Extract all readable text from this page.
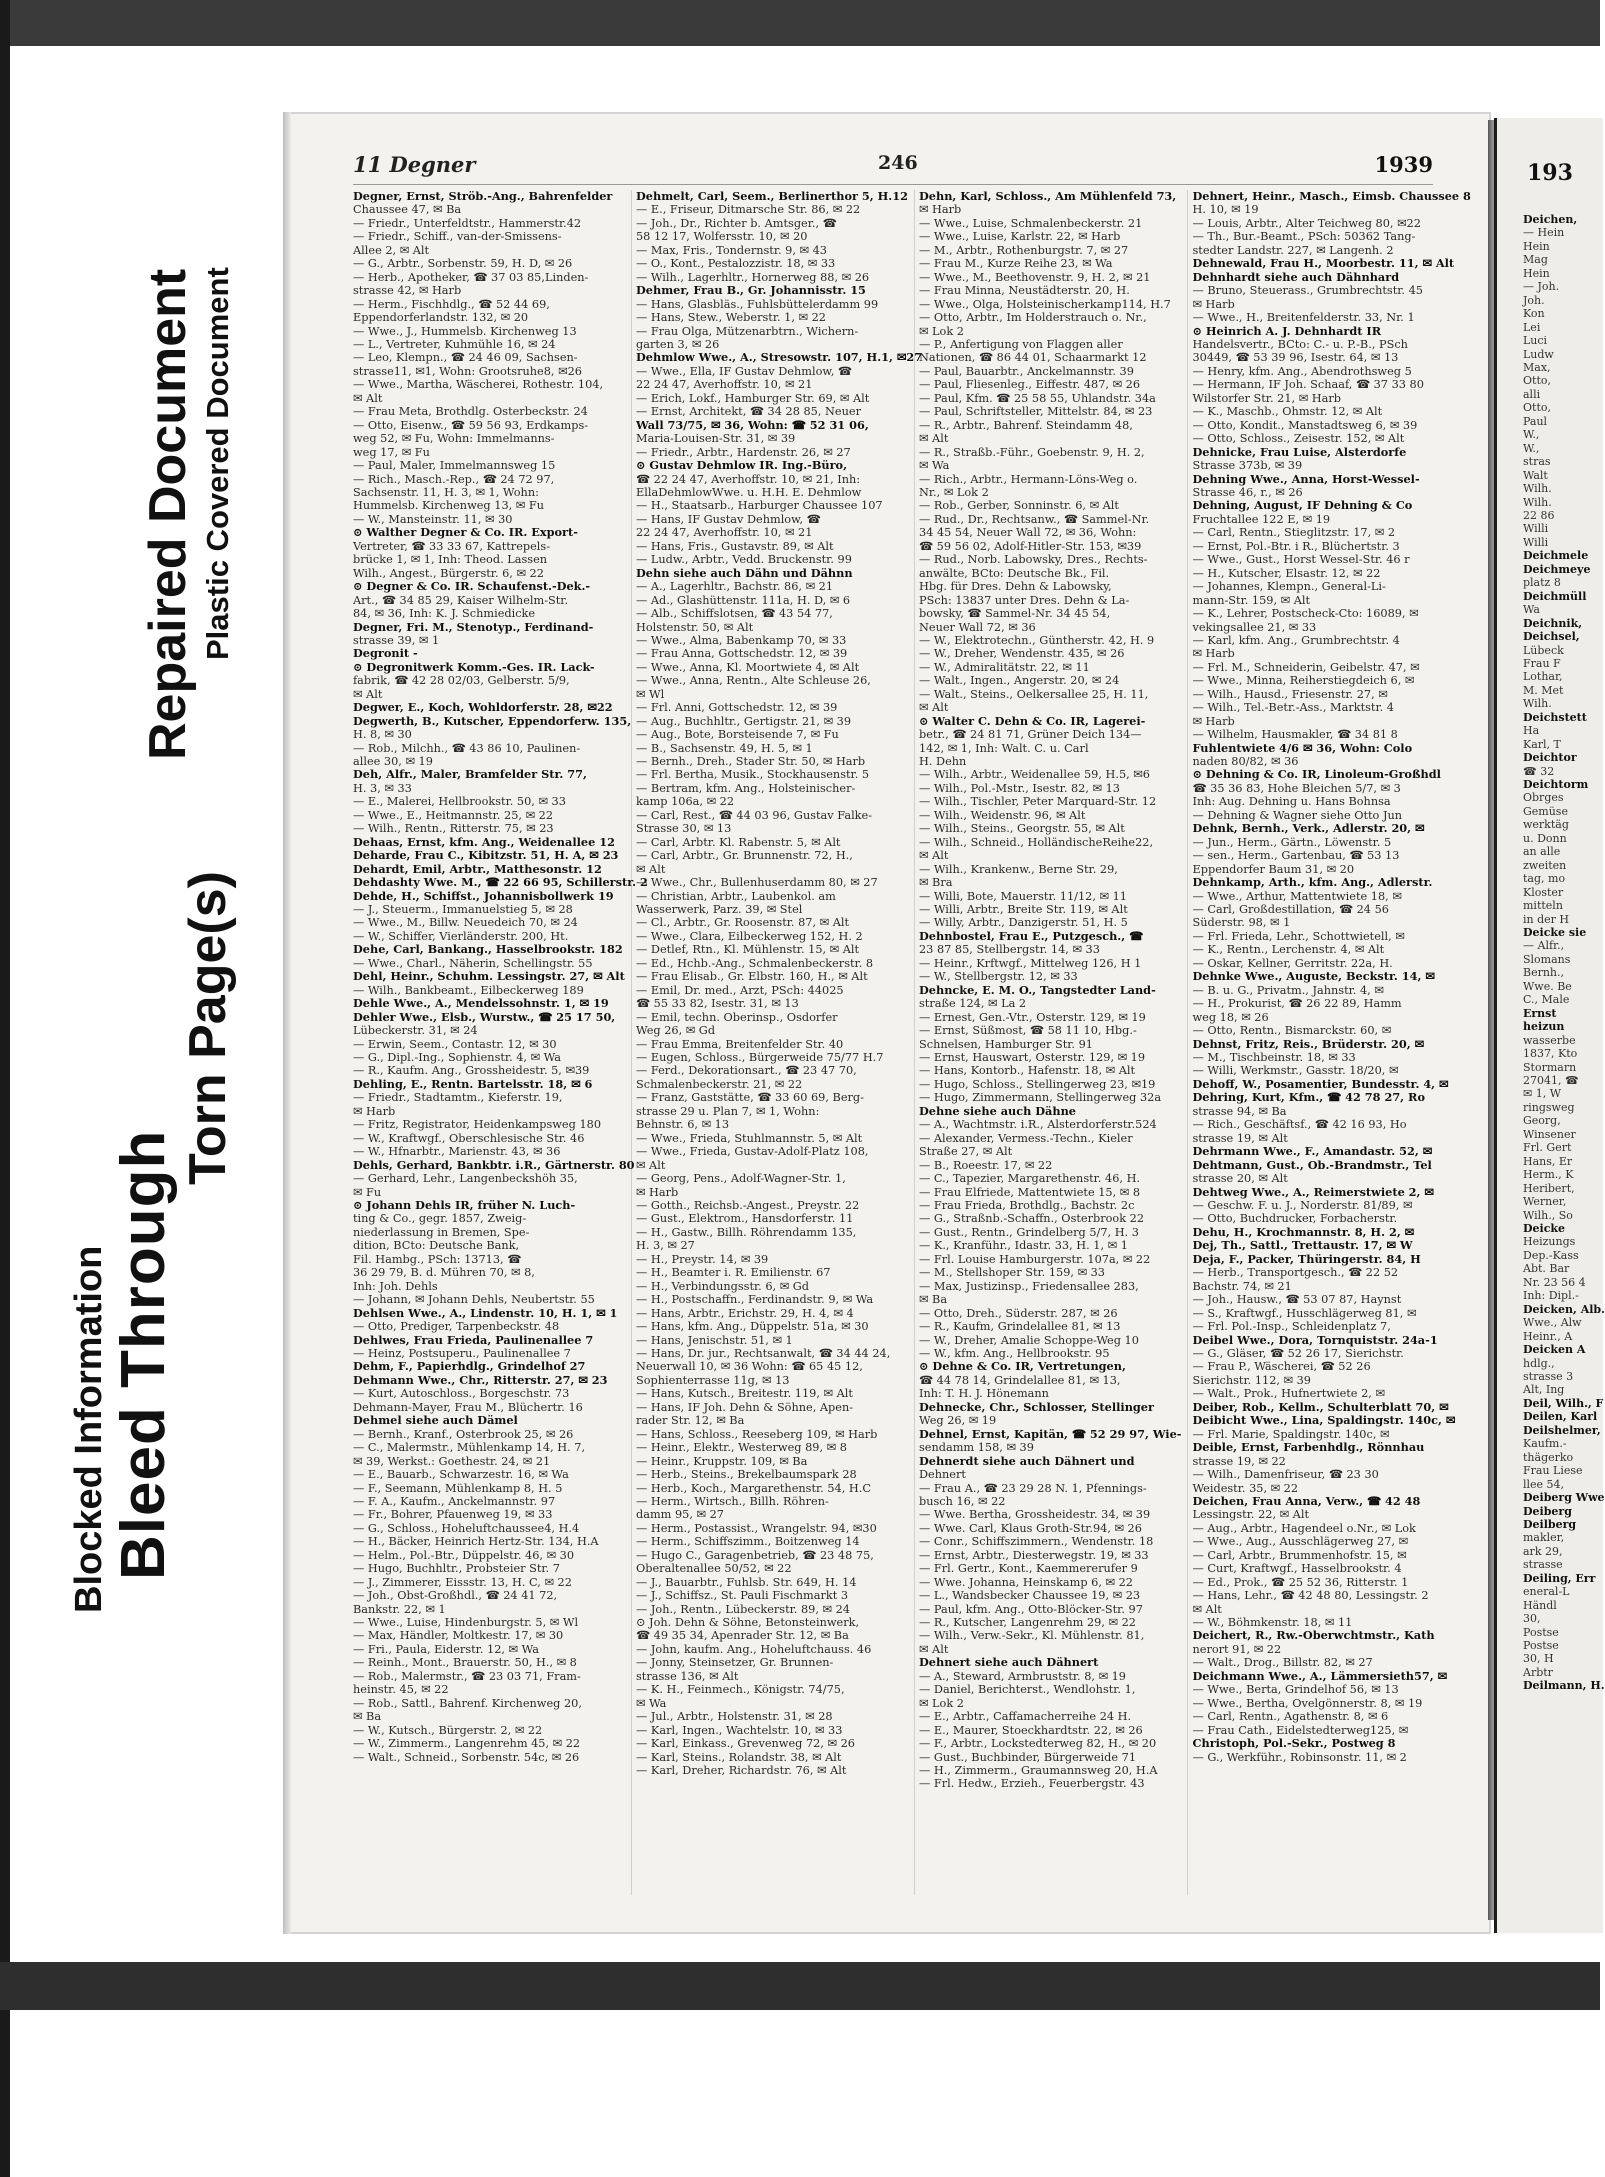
Blocked Information Bleed Through
Torn Page(s)
Repaired Document Plastic Covered Document
11 Degner	246	1939
Degner, Ernst, Ströb.-Ang., Bahrenfelder
Chaussee 47, ✉ Ba
— Friedr., Unterfeldtstr., Hammerstr.42
— Friedr., Schiff., van-der-Smissens-
Allee 2, ✉ Alt
— G., Arbtr., Sorbenstr. 59, H. D, ✉ 26
— Herb., Apotheker, ☎ 37 03 85,Linden-
strasse 42, ✉ Harb
— Herm., Fischhdlg., ☎ 52 44 69,
Eppendorferlandstr. 132, ✉ 20
— Wwe., J., Hummelsb. Kirchenweg 13
— L., Vertreter, Kuhmühle 16, ✉ 24
— Leo, Klempn., ☎ 24 46 09, Sachsen-
strasse11, ✉1, Wohn: Grootsruhe8, ✉26
— Wwe., Martha, Wäscherei, Rothestr. 104,
✉ Alt
— Frau Meta, Brothdlg. Osterbeckstr. 24
— Otto, Eisenw., ☎ 59 56 93, Erdkamps-
weg 52, ✉ Fu, Wohn: Immelmanns-
weg 17, ✉ Fu
— Paul, Maler, Immelmannsweg 15
— Rich., Masch.-Rep., ☎ 24 72 97,
Sachsenstr. 11, H. 3, ✉ 1, Wohn:
Hummelsb. Kirchenweg 13, ✉ Fu
— W., Mansteinstr. 11, ✉ 30
⊙ Walther Degner & Co. IR. Export-
Vertreter, ☎ 33 33 67, Kattrepels-
brücke 1, ✉ 1, Inh: Theod. Lassen
Wilh., Angest., Bürgerstr. 6, ✉ 22
⊙ Degner & Co. IR. Schaufenst.-Dek.-
Art., ☎ 34 85 29, Kaiser Wilhelm-Str.
84, ✉ 36, Inh: K. J. Schmiedicke
Degner, Fri. M., Stenotyp., Ferdinand-
strasse 39, ✉ 1
Degronit -
⊙ Degronitwerk Komm.-Ges. IR. Lack-
fabrik, ☎ 42 28 02/03, Gelberstr. 5/9,
✉ Alt
Degwer, E., Koch, Wohldorferstr. 28, ✉22
Degwerth, B., Kutscher, Eppendorferw. 135,
H. 8, ✉ 30
— Rob., Milchh., ☎ 43 86 10, Paulinen-
allee 30, ✉ 19
Deh, Alfr., Maler, Bramfelder Str. 77,
H. 3, ✉ 33
— E., Malerei, Hellbrookstr. 50, ✉ 33
— Wwe., E., Heitmannstr. 25, ✉ 22
— Wilh., Rentn., Ritterstr. 75, ✉ 23
Dehaas, Ernst, kfm. Ang., Weidenallee 12
Deharde, Frau C., Kibitzstr. 51, H. A, ✉ 23
Dehardt, Emil, Arbtr., Matthesonstr. 12
Dehdashty Wwe. M., ☎ 22 66 95, Schillerstr. 2
Dehde, H., Schiffst., Johannisbollwerk 19
— J., Steuerm., Immanuelstieg 5, ✉ 28
— Wwe., M., Billw. Neuedeich 70, ✉ 24
— W., Schiffer, Vierländerstr. 200, Ht.
Dehe, Carl, Bankang., Hasselbrookstr. 182
— Wwe., Charl., Näherin, Schellingstr. 55
Dehl, Heinr., Schuhm. Lessingstr. 27, ✉ Alt
— Wilh., Bankbeamt., Eilbeckerweg 189
Dehle Wwe., A., Mendelssohnstr. 1, ✉ 19
Dehler Wwe., Elsb., Wurstw., ☎ 25 17 50,
Lübeckerstr. 31, ✉ 24
— Erwin, Seem., Contastr. 12, ✉ 30
— G., Dipl.-Ing., Sophienstr. 4, ✉ Wa
— R., Kaufm. Ang., Grossheidestr. 5, ✉39
Dehling, E., Rentn. Bartelsstr. 18, ✉ 6
— Friedr., Stadtamtm., Kieferstr. 19,
✉ Harb
— Fritz, Registrator, Heidenkampsweg 180
— W., Kraftwgf., Oberschlesische Str. 46
— W., Hfnarbtr., Marienstr. 43, ✉ 36
Dehls, Gerhard, Bankbtr. i.R., Gärtnerstr. 80
— Gerhard, Lehr., Langenbeckshöh 35,
✉ Fu
⊙ Johann Dehls IR, früher N. Luch-
ting & Co., gegr. 1857, Zweig-
niederlassung in Bremen, Spe-
dition, BCto: Deutsche Bank,
Fil. Hambg., PSch: 13713, ☎
36 29 79, B. d. Mühren 70, ✉ 8,
Inh: Joh. Dehls
— Johann, ✉ Johann Dehls, Neubertstr. 55
Dehlsen Wwe., A., Lindenstr. 10, H. 1, ✉ 1
— Otto, Prediger, Tarpenbeckstr. 48
Dehlwes, Frau Frieda, Paulinenallee 7
— Heinz, Postsuperu., Paulinenallee 7
Dehm, F., Papierhdlg., Grindelhof 27
Dehmann Wwe., Chr., Ritterstr. 27, ✉ 23
— Kurt, Autoschloss., Borgeschstr. 73
Dehmann-Mayer, Frau M., Blüchertr. 16
Dehmel siehe auch Dämel
— Bernh., Kranf., Osterbrook 25, ✉ 26
— C., Malermstr., Mühlenkamp 14, H. 7,
✉ 39, Werkst.: Goethestr. 24, ✉ 21
— E., Bauarb., Schwarzestr. 16, ✉ Wa
— F., Seemann, Mühlenkamp 8, H. 5
— F. A., Kaufm., Anckelmannstr. 97
— Fr., Bohrer, Pfauenweg 19, ✉ 33
— G., Schloss., Hoheluftchaussee4, H.4
— H., Bäcker, Heinrich Hertz-Str. 134, H.A
— Helm., Pol.-Btr., Düppelstr. 46, ✉ 30
— Hugo, Buchhltr., Probsteier Str. 7
— J., Zimmerer, Eissstr. 13, H. C, ✉ 22
— Joh., Obst-Großhdl., ☎ 24 41 72,
Bankstr. 22, ✉ 1
— Wwe., Luise, Hindenburgstr. 5, ✉ Wl
— Max, Händler, Moltkestr. 17, ✉ 30
— Fri., Paula, Eiderstr. 12, ✉ Wa
— Reinh., Mont., Brauerstr. 50, H., ✉ 8
— Rob., Malermstr., ☎ 23 03 71, Fram-
heinstr. 45, ✉ 22
— Rob., Sattl., Bahrenf. Kirchenweg 20,
✉ Ba
— W., Kutsch., Bürgerstr. 2, ✉ 22
— W., Zimmerm., Langenrehm 45, ✉ 22
— Walt., Schneid., Sorbenstr. 54c, ✉ 26
Dehmelt, Carl, Seem., Berlinerthor 5, H.12
— E., Friseur, Ditmarsche Str. 86, ✉ 22
— Joh., Dr., Richter b. Amtsger., ☎
58 12 17, Wolfersstr. 10, ✉ 20
— Max, Fris., Tondernstr. 9, ✉ 43
— O., Kont., Pestalozzistr. 18, ✉ 33
— Wilh., Lagerhltr., Hornerweg 88, ✉ 26
Dehmer, Frau B., Gr. Johannisstr. 15
— Hans, Glasbläs., Fuhlsbüttelerdamm 99
— Hans, Stew., Weberstr. 1, ✉ 22
— Frau Olga, Mützenarbtrn., Wichern-
garten 3, ✉ 26
Dehmlow Wwe., A., Stresowstr. 107, H.1, ✉27
— Wwe., Ella, IF Gustav Dehmlow, ☎
22 24 47, Averhoffstr. 10, ✉ 21
— Erich, Lokf., Hamburger Str. 69, ✉ Alt
— Ernst, Architekt, ☎ 34 28 85, Neuer
Wall 73/75, ✉ 36, Wohn: ☎ 52 31 06,
Maria-Louisen-Str. 31, ✉ 39
— Friedr., Arbtr., Hardenstr. 26, ✉ 27
⊙ Gustav Dehmlow IR. Ing.-Büro,
☎ 22 24 47, Averhoffstr. 10, ✉ 21, Inh:
EllaDehmlowWwe. u. H.H. E. Dehmlow
— H., Staatsarb., Harburger Chaussee 107
— Hans, IF Gustav Dehmlow, ☎
22 24 47, Averhoffstr. 10, ✉ 21
— Hans, Fris., Gustavstr. 89, ✉ Alt
— Ludw., Arbtr., Vedd. Bruckenstr. 99
Dehn siehe auch Dähn und Dähnn
— A., Lagerhltr., Bachstr. 86, ✉ 21
— Ad., Glashüttenstr. 111a, H. D, ✉ 6
— Alb., Schiffslotsen, ☎ 43 54 77,
Holstenstr. 50, ✉ Alt
— Wwe., Alma, Babenkamp 70, ✉ 33
— Frau Anna, Gottschedstr. 12, ✉ 39
— Wwe., Anna, Kl. Moortwiete 4, ✉ Alt
— Wwe., Anna, Rentn., Alte Schleuse 26,
✉ Wl
— Frl. Anni, Gottschedstr. 12, ✉ 39
— Aug., Buchhltr., Gertigstr. 21, ✉ 39
— Aug., Bote, Borsteisende 7, ✉ Fu
— B., Sachsenstr. 49, H. 5, ✉ 1
— Bernh., Dreh., Stader Str. 50, ✉ Harb
— Frl. Bertha, Musik., Stockhausenstr. 5
— Bertram, kfm. Ang., Holsteinischer-
kamp 106a, ✉ 22
— Carl, Rest., ☎ 44 03 96, Gustav Falke-
Strasse 30, ✉ 13
— Carl, Arbtr. Kl. Rabenstr. 5, ✉ Alt
— Carl, Arbtr., Gr. Brunnenstr. 72, H.,
✉ Alt
— Wwe., Chr., Bullenhuserdamm 80, ✉ 27
— Christian, Arbtr., Laubenkol. am
Wasserwerk, Parz. 39, ✉ Stel
— Cl., Arbtr., Gr. Roosenstr. 87, ✉ Alt
— Wwe., Clara, Eilbeckerweg 152, H. 2
— Detlef, Rtn., Kl. Mühlenstr. 15, ✉ Alt
— Ed., Hchb.-Ang., Schmalenbeckerstr. 8
— Frau Elisab., Gr. Elbstr. 160, H., ✉ Alt
— Emil, Dr. med., Arzt, PSch: 44025
☎ 55 33 82, Isestr. 31, ✉ 13
— Emil, techn. Oberinsp., Osdorfer
Weg 26, ✉ Gd
— Frau Emma, Breitenfelder Str. 40
— Eugen, Schloss., Bürgerweide 75/77 H.7
— Ferd., Dekorationsart., ☎ 23 47 70,
Schmalenbeckerstr. 21, ✉ 22
— Franz, Gaststätte, ☎ 33 60 69, Berg-
strasse 29 u. Plan 7, ✉ 1, Wohn:
Behnstr. 6, ✉ 13
— Wwe., Frieda, Stuhlmannstr. 5, ✉ Alt
— Wwe., Frieda, Gustav-Adolf-Platz 108,
✉ Alt
— Georg, Pens., Adolf-Wagner-Str. 1,
✉ Harb
— Gotth., Reichsb.-Angest., Preystr. 22
— Gust., Elektrom., Hansdorferstr. 11
— H., Gastw., Billh. Röhrendamm 135,
H. 3, ✉ 27
— H., Preystr. 14, ✉ 39
— H., Beamter i. R. Emilienstr. 67
— H., Verbindungsstr. 6, ✉ Gd
— H., Postschaffn., Ferdinandstr. 9, ✉ Wa
— Hans, Arbtr., Erichstr. 29, H. 4, ✉ 4
— Hans, kfm. Ang., Düppelstr. 51a, ✉ 30
— Hans, Jenischstr. 51, ✉ 1
— Hans, Dr. jur., Rechtsanwalt, ☎ 34 44 24,
Neuerwall 10, ✉ 36 Wohn: ☎ 65 45 12,
Sophienterrasse 11g, ✉ 13
— Hans, Kutsch., Breitestr. 119, ✉ Alt
— Hans, IF Joh. Dehn & Söhne, Apen-
rader Str. 12, ✉ Ba
— Hans, Schloss., Reeseberg 109, ✉ Harb
— Heinr., Elektr., Westerweg 89, ✉ 8
— Heinr., Kruppstr. 109, ✉ Ba
— Herb., Steins., Brekelbaumspark 28
— Herb., Koch., Margarethenstr. 54, H.C
— Herm., Wirtsch., Billh. Röhren-
damm 95, ✉ 27
— Herm., Postassist., Wrangelstr. 94, ✉30
— Herm., Schiffszimm., Boitzenweg 14
— Hugo C., Garagenbetrieb, ☎ 23 48 75,
Oberaltenallee 50/52, ✉ 22
— J., Bauarbtr., Fuhlsb. Str. 649, H. 14
— J., Schiffsz., St. Pauli Fischmarkt 3
— Joh., Rentn., Lübeckerstr. 89, ✉ 24
⊙ Joh. Dehn & Söhne, Betonsteinwerk,
☎ 49 35 34, Apenrader Str. 12, ✉ Ba
— John, kaufm. Ang., Hoheluftchauss. 46
— Jonny, Steinsetzer, Gr. Brunnen-
strasse 136, ✉ Alt
— K. H., Feinmech., Königstr. 74/75,
✉ Wa
— Jul., Arbtr., Holstenstr. 31, ✉ 28
— Karl, Ingen., Wachtelstr. 10, ✉ 33
— Karl, Einkass., Grevenweg 72, ✉ 26
— Karl, Steins., Rolandstr. 38, ✉ Alt
— Karl, Dreher, Richardstr. 76, ✉ Alt
Dehn, Karl, Schloss., Am Mühlenfeld 73,
✉ Harb
— Wwe., Luise, Schmalenbeckerstr. 21
— Wwe., Luise, Karlstr. 22, ✉ Harb
— M., Arbtr., Rothenburgstr. 7, ✉ 27
— Frau M., Kurze Reihe 23, ✉ Wa
— Wwe., M., Beethovenstr. 9, H. 2, ✉ 21
— Frau Minna, Neustädterstr. 20, H.
— Wwe., Olga, Holsteinischerkamp114, H.7
— Otto, Arbtr., Im Holderstrauch o. Nr.,
✉ Lok 2
— P., Anfertigung von Flaggen aller
Nationen, ☎ 86 44 01, Schaarmarkt 12
— Paul, Bauarbtr., Anckelmannstr. 39
— Paul, Fliesenleg., Eiffestr. 487, ✉ 26
— Paul, Kfm. ☎ 25 58 55, Uhlandstr. 34a
— Paul, Schriftsteller, Mittelstr. 84, ✉ 23
— R., Arbtr., Bahrenf. Steindamm 48,
✉ Alt
— R., Straßb.-Führ., Goebenstr. 9, H. 2,
✉ Wa
— Rich., Arbtr., Hermann-Löns-Weg o.
Nr., ✉ Lok 2
— Rob., Gerber, Sonninstr. 6, ✉ Alt
— Rud., Dr., Rechtsanw., ☎ Sammel-Nr.
34 45 54, Neuer Wall 72, ✉ 36, Wohn:
☎ 59 56 02, Adolf-Hitler-Str. 153, ✉39
— Rud., Norb. Labowsky, Dres., Rechts-
anwälte, BCto: Deutsche Bk., Fil.
Hbg. für Dres. Dehn & Labowsky,
PSch: 13837 unter Dres. Dehn & La-
bowsky, ☎ Sammel-Nr. 34 45 54,
Neuer Wall 72, ✉ 36
— W., Elektrotechn., Güntherstr. 42, H. 9
— W., Dreher, Wendenstr. 435, ✉ 26
— W., Admiralitätstr. 22, ✉ 11
— Walt., Ingen., Angerstr. 20, ✉ 24
— Walt., Steins., Oelkersallee 25, H. 11,
✉ Alt
⊙ Walter C. Dehn & Co. IR, Lagerei-
betr., ☎ 24 81 71, Grüner Deich 134—
142, ✉ 1, Inh: Walt. C. u. Carl
H. Dehn
— Wilh., Arbtr., Weidenallee 59, H.5, ✉6
— Wilh., Pol.-Mstr., Isestr. 82, ✉ 13
— Wilh., Tischler, Peter Marquard-Str. 12
— Wilh., Weidenstr. 96, ✉ Alt
— Wilh., Steins., Georgstr. 55, ✉ Alt
— Wilh., Schneid., HolländischeReihe22,
✉ Alt
— Wilh., Krankenw., Berne Str. 29,
✉ Bra
— Willi, Bote, Mauerstr. 11/12, ✉ 11
— Willi, Arbtr., Breite Str. 119, ✉ Alt
— Willy, Arbtr., Danzigerstr. 51, H. 5
Dehnbostel, Frau E., Putzgesch., ☎
23 87 85, Stellbergstr. 14, ✉ 33
— Heinr., Krftwgf., Mittelweg 126, H 1
— W., Stellbergstr. 12, ✉ 33
Dehncke, E. M. O., Tangstedter Land-
straße 124, ✉ La 2
— Ernest, Gen.-Vtr., Osterstr. 129, ✉ 19
— Ernst, Süßmost, ☎ 58 11 10, Hbg.-
Schnelsen, Hamburger Str. 91
— Ernst, Hauswart, Osterstr. 129, ✉ 19
— Hans, Kontorb., Hafenstr. 18, ✉ Alt
— Hugo, Schloss., Stellingerweg 23, ✉19
— Hugo, Zimmermann, Stellingerweg 32a
Dehne siehe auch Dähne
— A., Wachtmstr. i.R., Alsterdorferstr.524
— Alexander, Vermess.-Techn., Kieler
Straße 27, ✉ Alt
— B., Roeestr. 17, ✉ 22
— C., Tapezier, Margarethenstr. 46, H.
— Frau Elfriede, Mattentwiete 15, ✉ 8
— Frau Frieda, Brothdlg., Bachstr. 2c
— G., Straßnb.-Schaffn., Osterbrook 22
— Gust., Rentn., Grindelberg 5/7, H. 3
— K., Kranführ., Idastr. 33, H. 1, ✉ 1
— Frl. Louise Hamburgerstr. 107a, ✉ 22
— M., Stellshoper Str. 159, ✉ 33
— Max, Justizinsp., Friedensallee 283,
✉ Ba
— Otto, Dreh., Süderstr. 287, ✉ 26
— R., Kaufm, Grindelallee 81, ✉ 13
— W., Dreher, Amalie Schoppe-Weg 10
— W., kfm. Ang., Hellbrookstr. 95
⊙ Dehne & Co. IR, Vertretungen,
☎ 44 78 14, Grindelallee 81, ✉ 13,
Inh: T. H. J. Hönemann
Dehnecke, Chr., Schlosser, Stellinger
Weg 26, ✉ 19
Dehnel, Ernst, Kapitän, ☎ 52 29 97, Wie-
sendamm 158, ✉ 39
Dehnerdt siehe auch Dähnert und
Dehnert
— Frau A., ☎ 23 29 28 N. 1, Pfennings-
busch 16, ✉ 22
— Wwe. Bertha, Grossheidestr. 34, ✉ 39
— Wwe. Carl, Klaus Groth-Str.94, ✉ 26
— Conr., Schiffszimmern., Wendenstr. 18
— Ernst, Arbtr., Diesterwegstr. 19, ✉ 33
— Frl. Gertr., Kont., Kaemmererufer 9
— Wwe. Johanna, Heinskamp 6, ✉ 22
— L., Wandsbecker Chaussee 19, ✉ 23
— Paul, kfm. Ang., Otto-Blöcker-Str. 97
— R., Kutscher, Langenrehm 29, ✉ 22
— Wilh., Verw.-Sekr., Kl. Mühlenstr. 81,
✉ Alt
Dehnert siehe auch Dähnert
— A., Steward, Armbruststr. 8, ✉ 19
— Daniel, Berichterst., Wendlohstr. 1,
✉ Lok 2
— E., Arbtr., Caffamacherreihe 24 H.
— E., Maurer, Stoeckhardtstr. 22, ✉ 26
— F., Arbtr., Lockstedterweg 82, H., ✉ 20
— Gust., Buchbinder, Bürgerweide 71
— H., Zimmerm., Graumannsweg 20, H.A
— Frl. Hedw., Erzieh., Feuerbergstr. 43
Dehnert, Heinr., Masch., Eimsb. Chaussee 8
H. 10, ✉ 19
— Louis, Arbtr., Alter Teichweg 80, ✉22
— Th., Bur.-Beamt., PSch: 50362 Tang-
stedter Landstr. 227, ✉ Langenh. 2
Dehnewald, Frau H., Moorbestr. 11, ✉ Alt
Dehnhardt siehe auch Dähnhard
— Bruno, Steuerass., Grumbrechtstr. 45
✉ Harb
— Wwe., H., Breitenfelderstr. 33, Nr. 1
⊙ Heinrich A. J. Dehnhardt IR
Handelsvertr., BCto: C.- u. P.-B., PSch
30449, ☎ 53 39 96, Isestr. 64, ✉ 13
— Henry, kfm. Ang., Abendrothsweg 5
— Hermann, IF Joh. Schaaf, ☎ 37 33 80
Wilstorfer Str. 21, ✉ Harb
— K., Maschb., Ohmstr. 12, ✉ Alt
— Otto, Kondit., Manstadtsweg 6, ✉ 39
— Otto, Schloss., Zeisestr. 152, ✉ Alt
Dehnicke, Frau Luise, Alsterdorfe
Strasse 373b, ✉ 39
Dehning Wwe., Anna, Horst-Wessel-
Strasse 46, r., ✉ 26
Dehning, August, IF Dehning & Co
Fruchtallee 122 E, ✉ 19
— Carl, Rentn., Stieglitzstr. 17, ✉ 2
— Ernst, Pol.-Btr. i R., Blüchertstr. 3
— Wwe., Gust., Horst Wessel-Str. 46 r
— H., Kutscher, Elsastr. 12, ✉ 22
— Johannes, Klempn., General-Li-
mann-Str. 159, ✉ Alt
— K., Lehrer, Postscheck-Cto: 16089, ✉
vekingsallee 21, ✉ 33
— Karl, kfm. Ang., Grumbrechtstr. 4
✉ Harb
— Frl. M., Schneiderin, Geibelstr. 47, ✉
— Wwe., Minna, Reiherstiegdeich 6, ✉
— Wilh., Hausd., Friesenstr. 27, ✉
— Wilh., Tel.-Betr.-Ass., Marktstr. 4
✉ Harb
— Wilhelm, Hausmakler, ☎ 34 81 8
Fuhlentwiete 4/6 ✉ 36, Wohn: Colo
naden 80/82, ✉ 36
⊙ Dehning & Co. IR, Linoleum-Großhdl
☎ 35 36 83, Hohe Bleichen 5/7, ✉ 3
Inh: Aug. Dehning u. Hans Bohnsa
— Dehning & Wagner siehe Otto Jun
Dehnk, Bernh., Verk., Adlerstr. 20, ✉
— Jun., Herm., Gärtn., Löwenstr. 5
— sen., Herm., Gartenbau, ☎ 53 13
Eppendorfer Baum 31, ✉ 20
Dehnkamp, Arth., kfm. Ang., Adlerstr.
— Wwe., Arthur, Mattentwiete 18, ✉
— Carl, Großdestillation, ☎ 24 56
Süderstr. 98, ✉ 1
— Frl. Frieda, Lehr., Schottwietell, ✉
— K., Rentn., Lerchenstr. 4, ✉ Alt
— Oskar, Kellner, Gerritstr. 22a, H.
Dehnke Wwe., Auguste, Beckstr. 14, ✉
— B. u. G., Privatm., Jahnstr. 4, ✉
— H., Prokurist, ☎ 26 22 89, Hamm
weg 18, ✉ 26
— Otto, Rentn., Bismarckstr. 60, ✉
Dehnst, Fritz, Reis., Brüderstr. 20, ✉
— M., Tischbeinstr. 18, ✉ 33
— Willi, Werkmstr., Gasstr. 18/20, ✉
Dehoff, W., Posamentier, Bundesstr. 4, ✉
Dehring, Kurt, Kfm., ☎ 42 78 27, Ro
strasse 94, ✉ Ba
— Rich., Geschäftsf., ☎ 42 16 93, Ho
strasse 19, ✉ Alt
Dehrmann Wwe., F., Amandastr. 52, ✉
Dehtmann, Gust., Ob.-Brandmstr., Tel
strasse 20, ✉ Alt
Dehtweg Wwe., A., Reimerstwiete 2, ✉
— Geschw. F. u. J., Norderstr. 81/89, ✉
— Otto, Buchdrucker, Forbacherstr.
Dehu, H., Krochmannstr. 8, H. 2, ✉
Dej, Th., Sattl., Trettaustr. 17, ✉ W
Deja, F., Packer, Thüringerstr. 84, H
— Herb., Transportgesch., ☎ 22 52
Bachstr. 74, ✉ 21
— Joh., Hausw., ☎ 53 07 87, Haynst
— S., Kraftwgf., Husschlägerweg 81, ✉
— Frl. Pol.-Insp., Schleidenplatz 7,
Deibel Wwe., Dora, Tornquiststr. 24a-1
— G., Gläser, ☎ 52 26 17, Sierichstr.
— Frau P., Wäscherei, ☎ 52 26
Sierichstr. 112, ✉ 39
— Walt., Prok., Hufnertwiete 2, ✉
Deiber, Rob., Kellm., Schulterblatt 70, ✉
Deibicht Wwe., Lina, Spaldingstr. 140c, ✉
— Frl. Marie, Spaldingstr. 140c, ✉
Deible, Ernst, Farbenhdlg., Rönnhau
strasse 19, ✉ 22
— Wilh., Damenfriseur, ☎ 23 30
Weidestr. 35, ✉ 22
Deichen, Frau Anna, Verw., ☎ 42 48
Lessingstr. 22, ✉ Alt
— Aug., Arbtr., Hagendeel o.Nr., ✉ Lok
— Wwe., Aug., Ausschlägerweg 27, ✉
— Carl, Arbtr., Brummenhofstr. 15, ✉
— Curt, Kraftwgf., Hasselbrookstr. 4
— Ed., Prok., ☎ 25 52 36, Ritterstr. 1
— Hans, Lehr., ☎ 42 48 80, Lessingstr. 2
✉ Alt
— W., Böhmkenstr. 18, ✉ 11
Deichert, R., Rw.-Oberwchtmstr., Kath
nerort 91, ✉ 22
— Walt., Drog., Billstr. 82, ✉ 27
Deichmann Wwe., A., Lämmersieth57, ✉
— Wwe., Berta, Grindelhof 56, ✉ 13
— Wwe., Bertha, Ovelgönnerstr. 8, ✉ 19
— Carl, Rentn., Agathenstr. 8, ✉ 6
— Frau Cath., Eidelstedterweg125, ✉
Christoph, Pol.-Sekr., Postweg 8
— G., Werkführ., Robinsonstr. 11, ✉ 2
193
Deichen,
— Hein
Hein
Mag
Hein
— Joh.
Joh.
Kon
Lei
Luci
Ludw
Max,
Otto,
alli
Otto,
Paul
W.,
W.,
stras
Walt
Wilh.
Wilh.
22 86
Willi
Willi
Deichmele
Deichmeye
platz 8
Deichmüll
Wa
Deichnik,
Deichsel,
Lübeck
Frau F
Lothar,
M. Met
Wilh.
Deichstett
Ha
Karl, T
Deichtor
☎ 32
Deichtorm
Obrges
Gemüse
werktäg
u. Donn
an alle
zweiten
tag, mo
Kloster
mitteln
in der H
Deicke sie
— Alfr.,
Slomans
Bernh.,
Wwe. Be
C., Male
Ernst
heizun
wasserbe
1837, Kto
Stormarn
27041, ☎
✉ 1, W
ringsweg
Georg,
Winsener
Frl. Gert
Hans, Er
Herm., K
Heribert,
Werner,
Wilh., So
Deicke
Heizungs
Dep.-Kass
Abt. Bar
Nr. 23 56 4
Inh: Dipl.-
Deicken, Alb.
Wwe., Alw
Heinr., A
Deicken A
hdlg.,
strasse 3
Alt, Ing
Deil, Wilh., F
Deilen, Karl
Deilshelmer,
Kaufm.-
thägerko
Frau Liese
llee 54,
Deiberg Wwe
Deiberg
Deilberg
makler,
ark 29,
strasse
Deiling, Err
eneral-L
Händl
30,
Postse
Postse
30, H
Arbtr
Deilmann, H.
